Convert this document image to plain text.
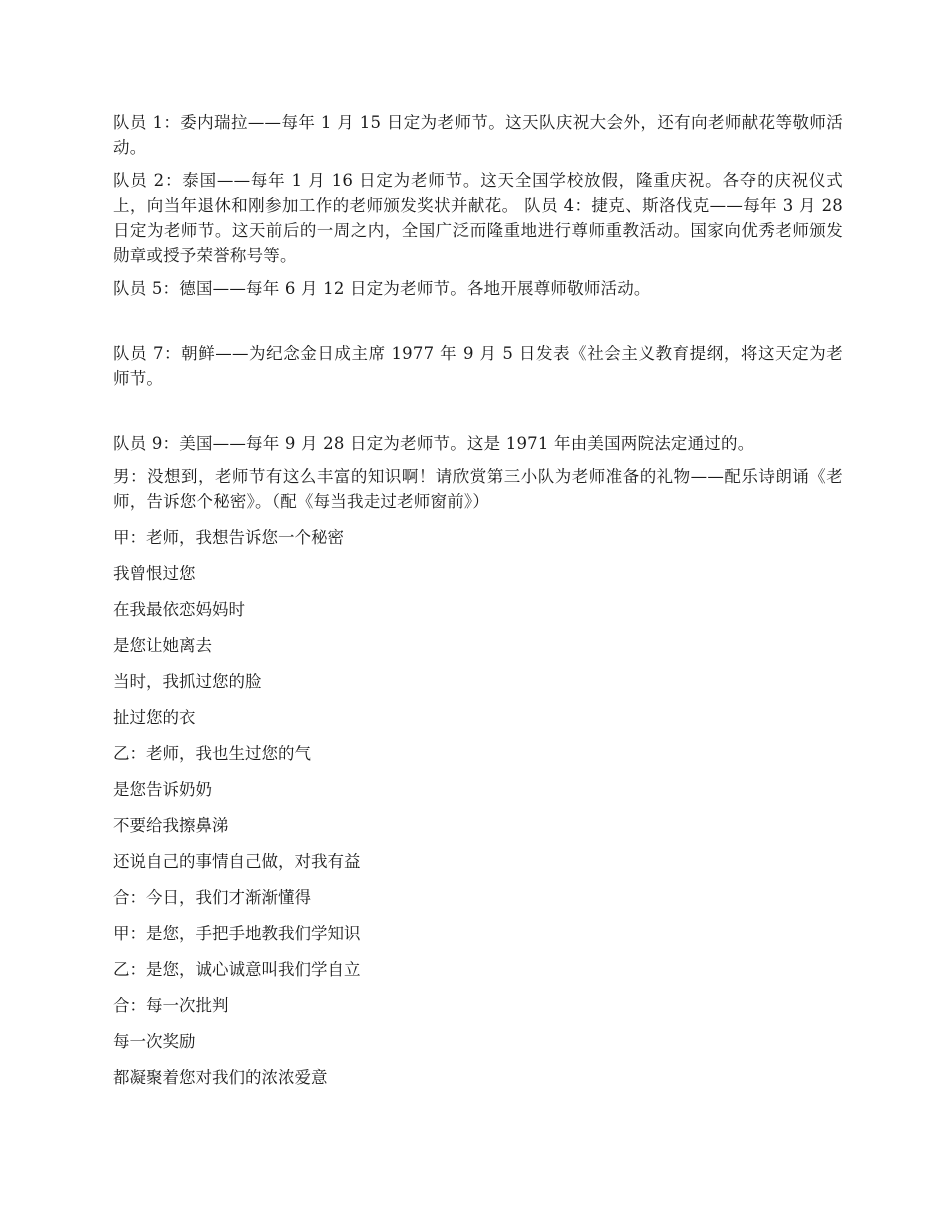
队员 1：委内瑞拉——每年 1 月 15 日定为老师节。这天队庆祝大会外，还有向老师献花等敬师活动。

队员 2：泰国——每年 1 月 16 日定为老师节。这天全国学校放假，隆重庆祝。各夺的庆祝仪式上，向当年退休和刚参加工作的老师颁发奖状并献花。 队员 4：捷克、斯洛伐克——每年 3 月 28 日定为老师节。这天前后的一周之内，全国广泛而隆重地进行尊师重教活动。国家向优秀老师颁发勋章或授予荣誉称号等。

队员 5：德国——每年 6 月 12 日定为老师节。各地开展尊师敬师活动。

队员 7：朝鲜——为纪念金日成主席 1977 年 9 月 5 日发表《社会主义教育提纲，将这天定为老师节。

队员 9：美国——每年 9 月 28 日定为老师节。这是 1971 年由美国两院法定通过的。

男：没想到，老师节有这么丰富的知识啊！请欣赏第三小队为老师准备的礼物——配乐诗朗诵《老师，告诉您个秘密》。（配《每当我走过老师窗前》）

甲：老师，我想告诉您一个秘密

我曾恨过您

在我最依恋妈妈时

是您让她离去

当时，我抓过您的脸

扯过您的衣

乙：老师，我也生过您的气

是您告诉奶奶

不要给我擦鼻涕

还说自己的事情自己做，对我有益

合：今日，我们才渐渐懂得

甲：是您，手把手地教我们学知识

乙：是您，诚心诚意叫我们学自立

合：每一次批判

每一次奖励

都凝聚着您对我们的浓浓爱意
